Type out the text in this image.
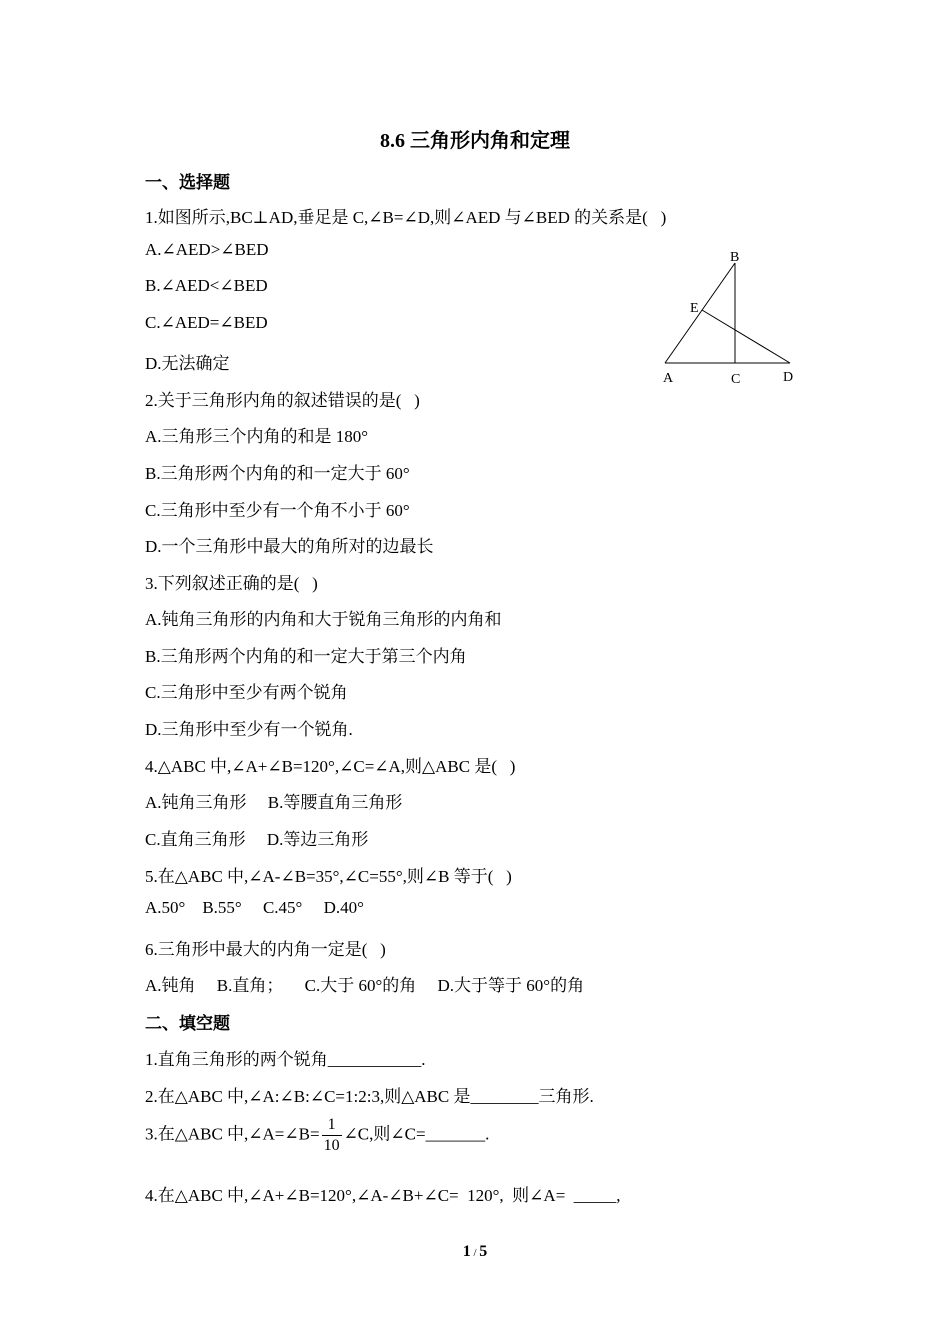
8.6 三角形内角和定理
一、选择题
1.如图所示,BC⊥AD,垂足是 C,∠B=∠D,则∠AED 与∠BED 的关系是(   )
A.∠AED>∠BED
B.∠AED<∠BED
C.∠AED=∠BED
D.无法确定
B
E
A	C	D
2.关于三角形内角的叙述错误的是(   )
A.三角形三个内角的和是 180°
B.三角形两个内角的和一定大于 60°
C.三角形中至少有一个角不小于 60°
D.一个三角形中最大的角所对的边最长
3.下列叙述正确的是(   )
A.钝角三角形的内角和大于锐角三角形的内角和
B.三角形两个内角的和一定大于第三个内角
C.三角形中至少有两个锐角
D.三角形中至少有一个锐角.
4.△ABC 中,∠A+∠B=120°,∠C=∠A,则△ABC 是(   )
A.钝角三角形     B.等腰直角三角形
C.直角三角形     D.等边三角形
5.在△ABC 中,∠A-∠B=35°,∠C=55°,则∠B 等于(   )
A.50°    B.55°     C.45°     D.40°
6.三角形中最大的内角一定是(   )
A.钝角     B.直角；     C.大于 60°的角     D.大于等于 60°的角
二、填空题
1.直角三角形的两个锐角___________.
2.在△ABC 中,∠A:∠B:∠C=1:2:3,则△ABC 是________三角形.
3.在△ABC 中,∠A=∠B= $\frac{1}{10}$ ∠C,则∠C=_______.
4.在△ABC 中,∠A+∠B=120°,∠A-∠B+∠C=  120°,  则∠A=  _____,
1 / 5
